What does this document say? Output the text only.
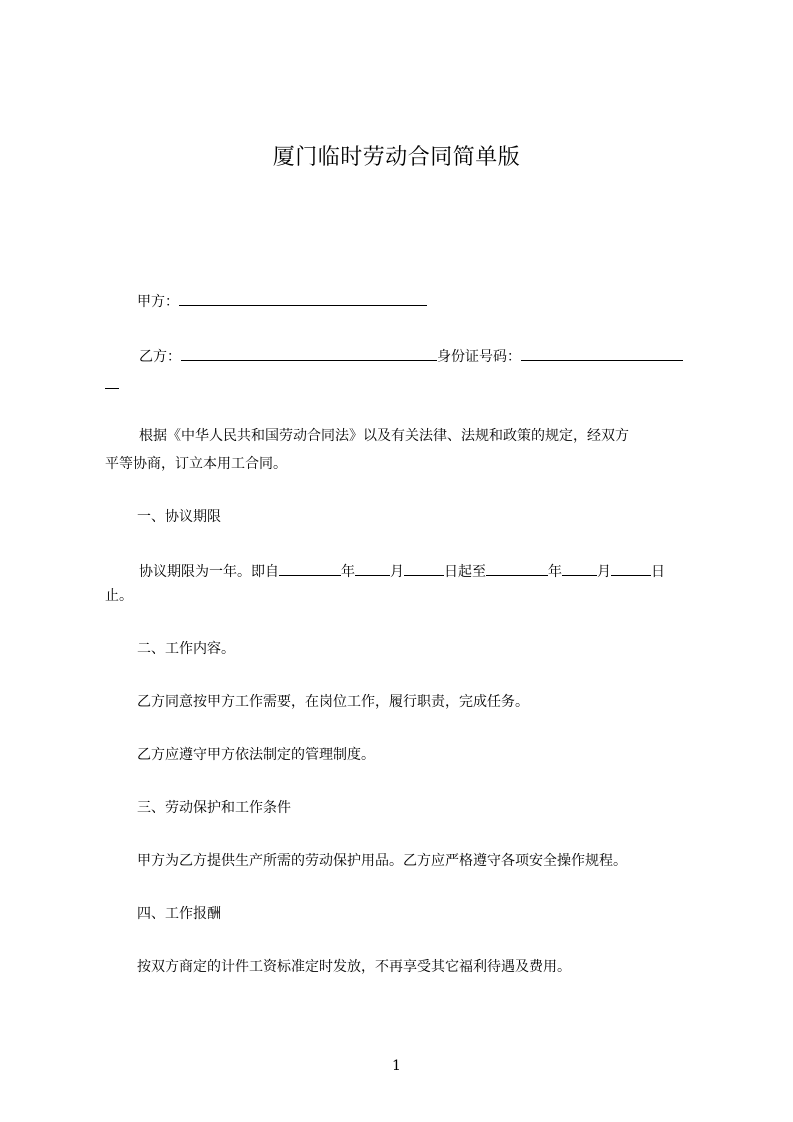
厦门临时劳动合同简单版
甲方：
乙方：	身份证号码：
根据《中华人民共和国劳动合同法》以及有关法律、法规和政策的规定，经双方
平等协商，订立本用工合同。
一、协议期限
协议期限为一年。即自	年	月	日起至	年	月	日
止。
二、工作内容。
乙方同意按甲方工作需要，在岗位工作，履行职责，完成任务。
乙方应遵守甲方依法制定的管理制度。
三、劳动保护和工作条件
甲方为乙方提供生产所需的劳动保护用品。乙方应严格遵守各项安全操作规程。
四、工作报酬
按双方商定的计件工资标准定时发放，不再享受其它福利待遇及费用。
1
